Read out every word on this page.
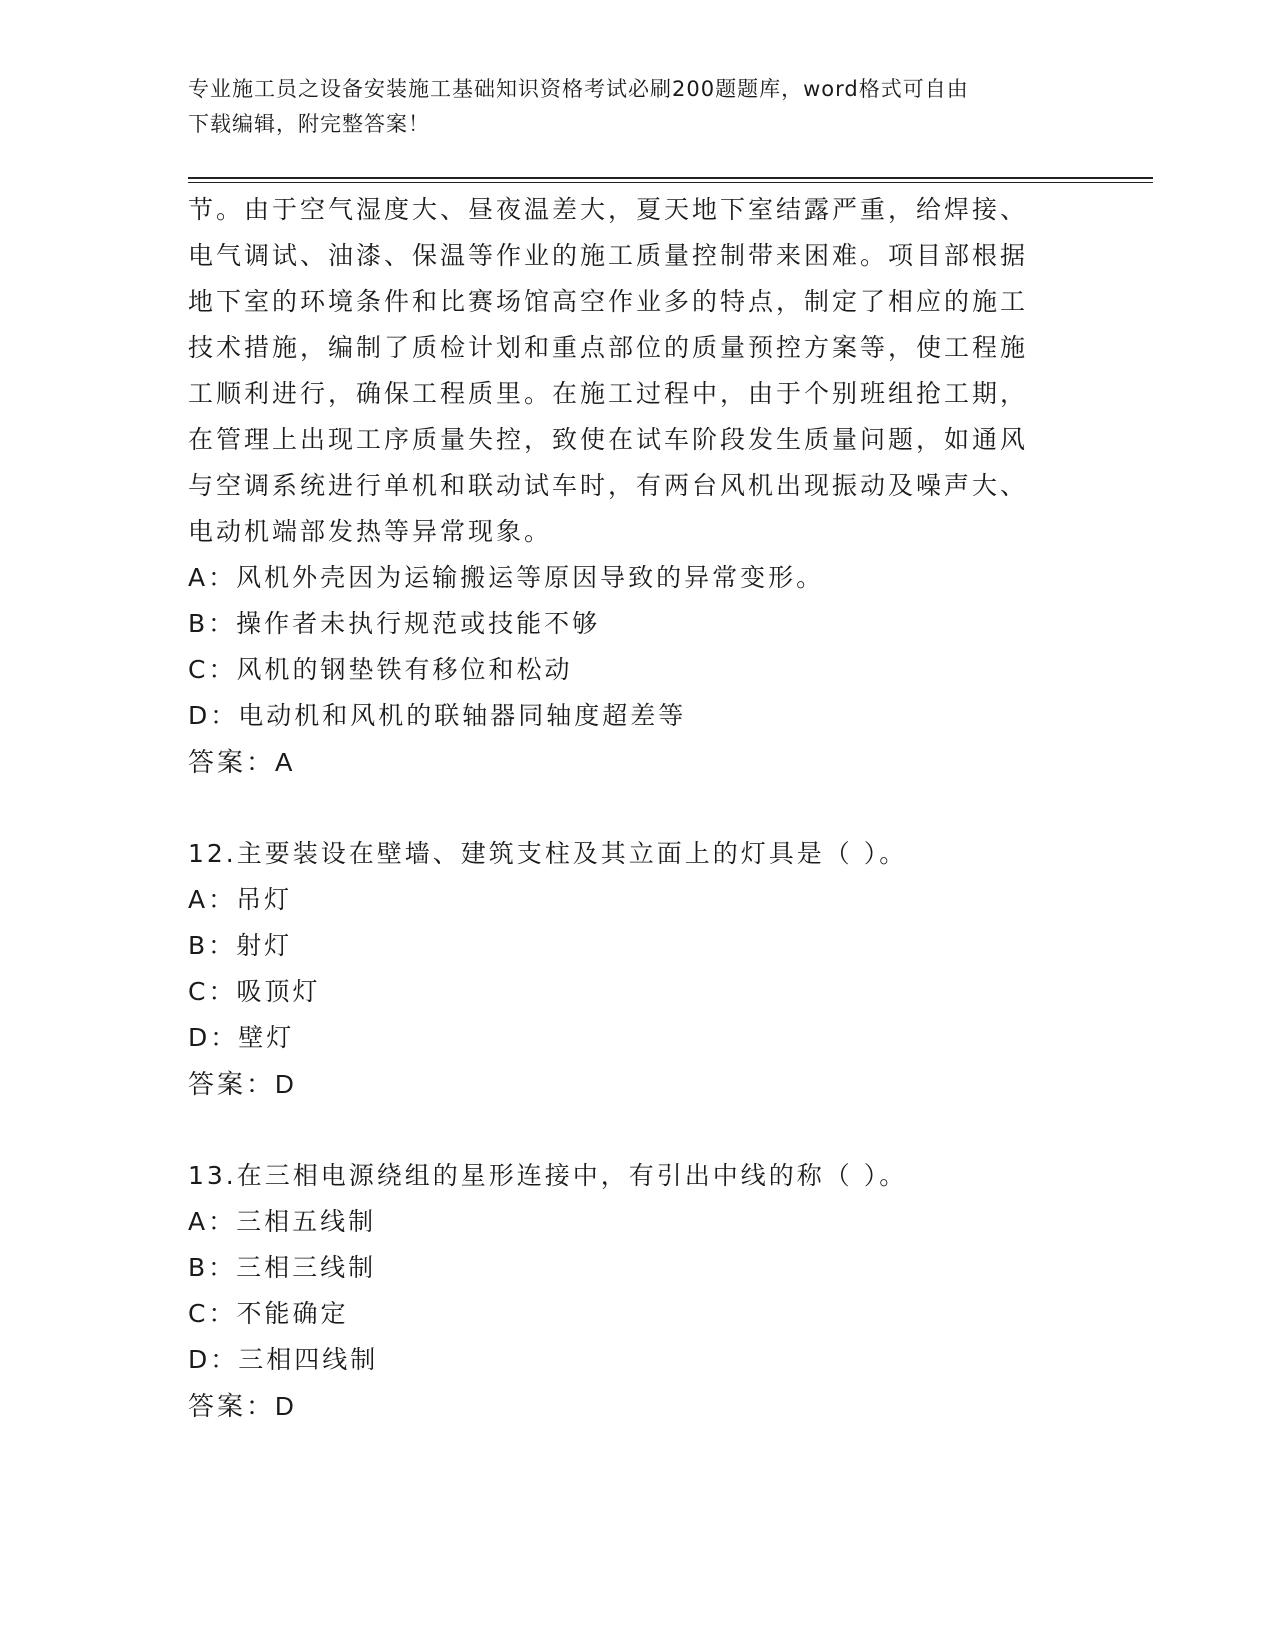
专业施工员之设备安装施工基础知识资格考试必刷200题题库，word格式可自由
下载编辑，附完整答案！
节。由于空气湿度大、昼夜温差大，夏天地下室结露严重，给焊接、
电气调试、油漆、保温等作业的施工质量控制带来困难。项目部根据
地下室的环境条件和比赛场馆高空作业多的特点，制定了相应的施工
技术措施，编制了质检计划和重点部位的质量预控方案等，使工程施
工顺利进行，确保工程质里。在施工过程中，由于个别班组抢工期，
在管理上出现工序质量失控，致使在试车阶段发生质量问题，如通风
与空调系统进行单机和联动试车时，有两台风机出现振动及噪声大、
电动机端部发热等异常现象。
A：风机外壳因为运输搬运等原因导致的异常变形。
B：操作者未执行规范或技能不够
C：风机的钢垫铁有移位和松动
D：电动机和风机的联轴器同轴度超差等
答案：A
12.主要装设在壁墙、建筑支柱及其立面上的灯具是（ ）。
A：吊灯
B：射灯
C：吸顶灯
D：壁灯
答案：D
13.在三相电源绕组的星形连接中，有引出中线的称（ ）。
A：三相五线制
B：三相三线制
C：不能确定
D：三相四线制
答案：D
